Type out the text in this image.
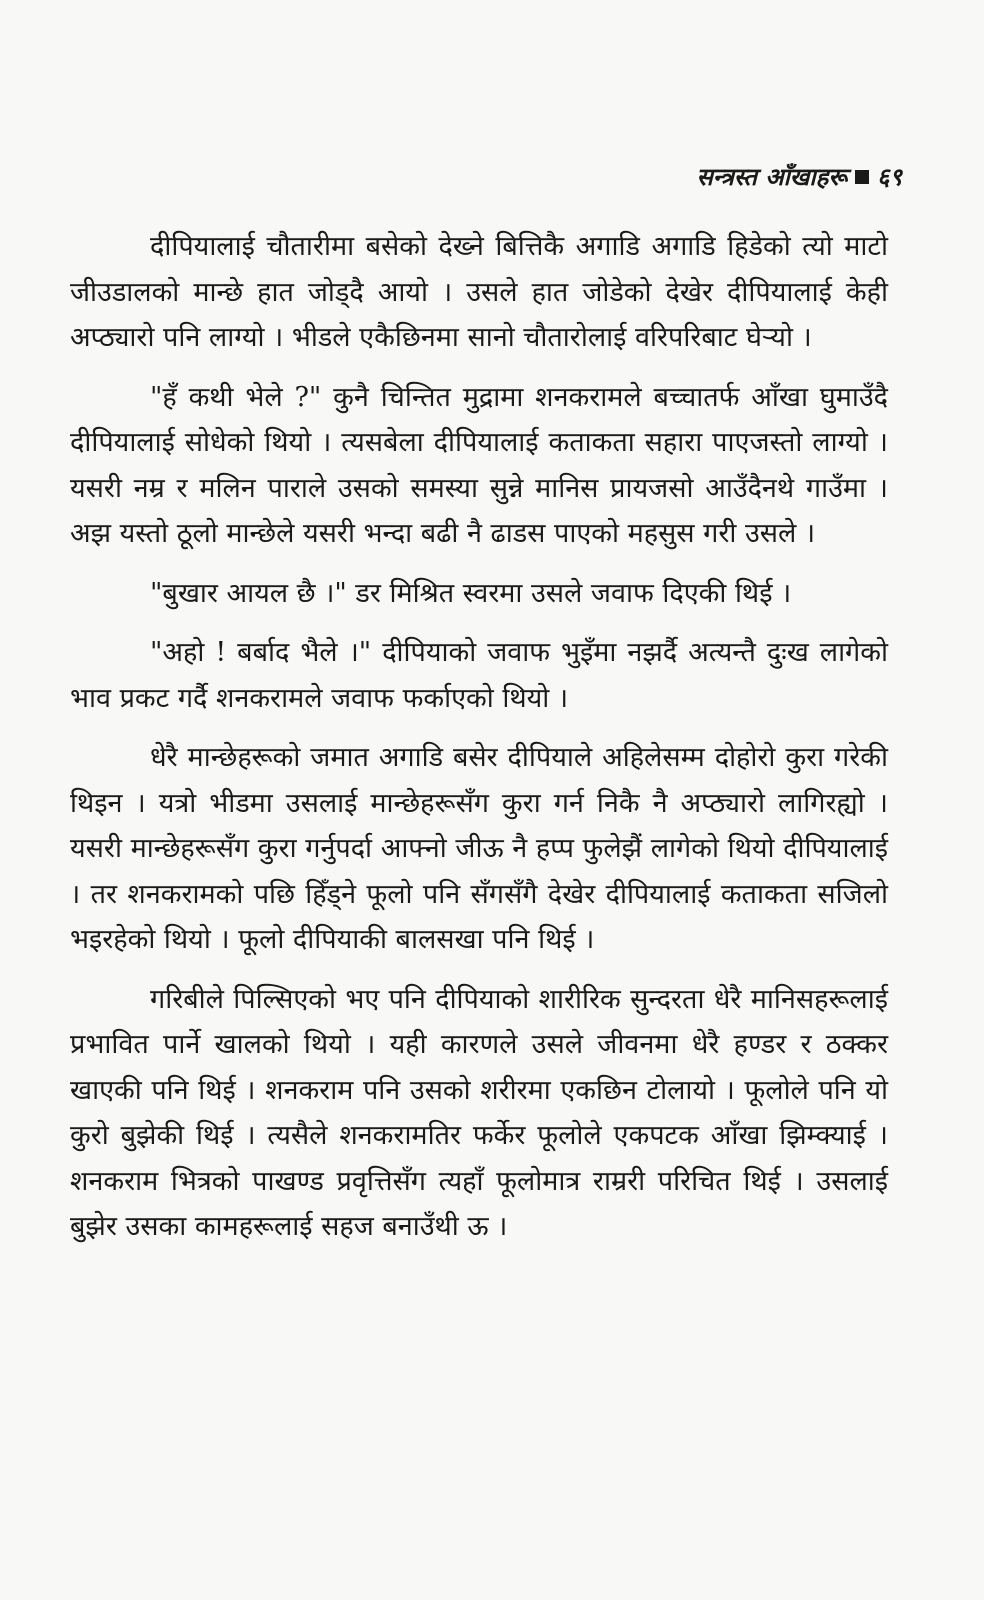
सन्त्रस्त आँखाहरू ६९

दीपियालाई चौतारीमा बसेको देख्ने बित्तिकै अगाडि अगाडि हिडेको त्यो माटो जीउडालको मान्छे हात जोड्दै आयो । उसले हात जोडेको देखेर दीपियालाई केही अप्ठ्यारो पनि लाग्यो । भीडले एकैछिनमा सानो चौतारोलाई वरिपरिबाट घेऱ्यो ।

"हँ कथी भेले ?" कुनै चिन्तित मुद्रामा शनकरामले बच्चातर्फ आँखा घुमाउँदै दीपियालाई सोधेको थियो । त्यसबेला दीपियालाई कताकता सहारा पाएजस्तो लाग्यो । यसरी नम्र र मलिन पाराले उसको समस्या सुन्ने मानिस प्रायजसो आउँदैनथे गाउँमा । अझ यस्तो ठूलो मान्छेले यसरी भन्दा बढी नै ढाडस पाएको महसुस गरी उसले ।

"बुखार आयल छै ।" डर मिश्रित स्वरमा उसले जवाफ दिएकी थिई ।

"अहो ! बर्बाद भैले ।" दीपियाको जवाफ भुइँमा नझर्दै अत्यन्तै दुःख लागेको भाव प्रकट गर्दै शनकरामले जवाफ फर्काएको थियो ।

धेरै मान्छेहरूको जमात अगाडि बसेर दीपियाले अहिलेसम्म दोहोरो कुरा गरेकी थिइन । यत्रो भीडमा उसलाई मान्छेहरूसँग कुरा गर्न निकै नै अप्ठ्यारो लागिरह्यो । यसरी मान्छेहरूसँग कुरा गर्नुपर्दा आफ्नो जीऊ नै हप्प फुलेझैं लागेको थियो दीपियालाई । तर शनकरामको पछि हिँड्ने फूलो पनि सँगसँगै देखेर दीपियालाई कताकता सजिलो भइरहेको थियो । फूलो दीपियाकी बालसखा पनि थिई ।

गरिबीले पिल्सिएको भए पनि दीपियाको शारीरिक सुन्दरता धेरै मानिसहरूलाई प्रभावित पार्ने खालको थियो । यही कारणले उसले जीवनमा धेरै हण्डर र ठक्कर खाएकी पनि थिई । शनकराम पनि उसको शरीरमा एकछिन टोलायो । फूलोले पनि यो कुरो बुझेकी थिई । त्यसैले शनकरामतिर फर्केर फूलोले एकपटक आँखा झिम्क्याई । शनकराम भित्रको पाखण्ड प्रवृत्तिसँग त्यहाँ फूलोमात्र राम्ररी परिचित थिई । उसलाई बुझेर उसका कामहरूलाई सहज बनाउँथी ऊ ।
